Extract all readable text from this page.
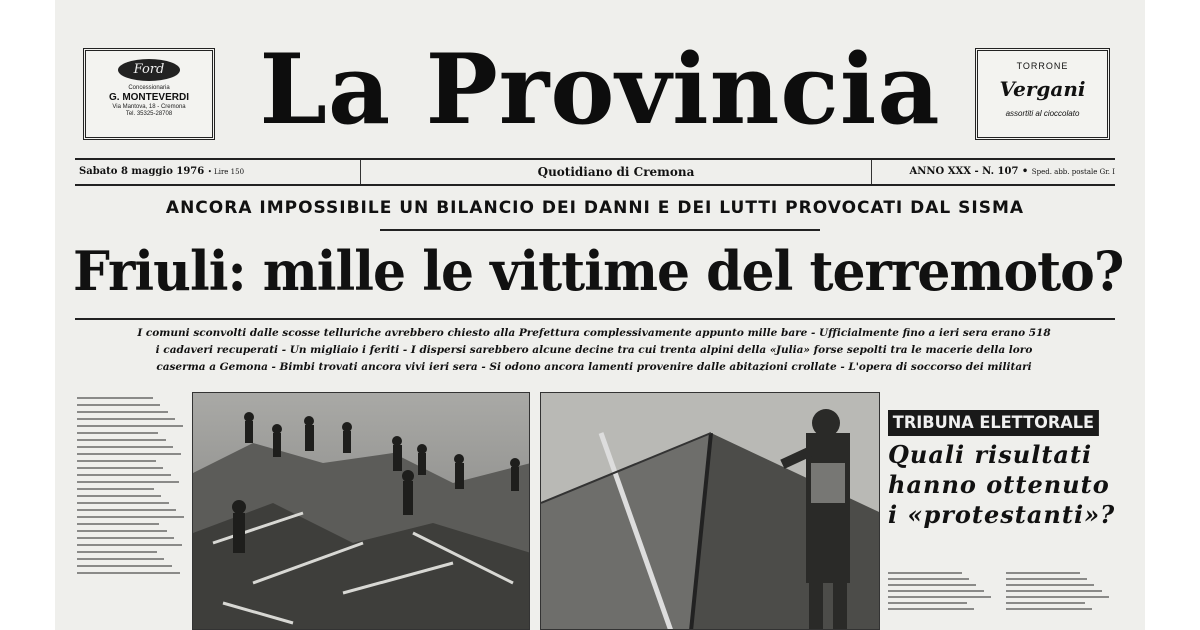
Ford
Concessionaria
G. MONTEVERDI
Via Mantova, 18 - Cremona
Tel. 35325-28708 La Provincia	TORRONE
Vergani
assortiti al cioccolato
Sabato 8 maggio 1976 • Lire 150	Quotidiano di Cremona	ANNO XXX - N. 107 • Sped. abb. postale Gr. I
ANCORA IMPOSSIBILE UN BILANCIO DEI DANNI E DEI LUTTI PROVOCATI DAL SISMA
Friuli: mille le vittime del terremoto?
I comuni sconvolti dalle scosse telluriche avrebbero chiesto alla Prefettura complessivamente appunto mille bare - Ufficialmente fino a ieri sera erano 518
i cadaveri recuperati - Un migliaio i feriti - I dispersi sarebbero alcune decine tra cui trenta alpini della «Julia» forse sepolti tra le macerie della loro
caserma a Gemona - Bimbi trovati ancora vivi ieri sera - Si odono ancora lamenti provenire dalle abitazioni crollate - L'opera di soccorso dei militari
TRIBUNA ELETTORALE
Quali risultati
hanno ottenuto
i «protestanti»?
